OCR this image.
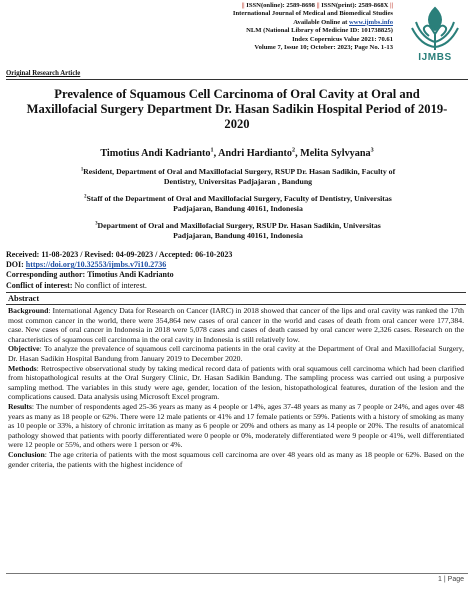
|| ISSN(online): 2589-8698 || ISSN(print): 2589-868X ||
International Journal of Medical and Biomedical Studies
Available Online at www.ijmbs.info
NLM (National Library of Medicine ID: 101738825)
Index Copernicus Value 2021: 70.61
Volume 7, Issue 10; October: 2023; Page No. 1-13
IJMBS
Original Research Article
Prevalence of Squamous Cell Carcinoma of Oral Cavity at Oral and Maxillofacial Surgery Department Dr. Hasan Sadikin Hospital Period of 2019-2020
Timotius Andi Kadrianto$^1$, Andri Hardianto$^2$, Melita Sylvyana$^3$
$^1$Resident, Department of Oral and Maxillofacial Surgery, RSUP Dr. Hasan Sadikin, Faculty of
Dentistry, Universitas Padjajaran , Bandung
$^2$Staff of the Department of Oral and Maxillofacial Surgery, Faculty of Dentistry, Universitas
Padjajaran, Bandung 40161, Indonesia
$^3$Department of Oral and Maxillofacial Surgery, RSUP Dr. Hasan Sadikin, Universitas
Padjajaran, Bandung 40161, Indonesia
Received: 11-08-2023 / Revised: 04-09-2023 / Accepted: 06-10-2023
DOI: https://doi.org/10.32553/ijmbs.v7i10.2736
Corresponding author: Timotius Andi Kadrianto
Conflict of interest: No conflict of interest.
Abstract

Background: International Agency Data for Research on Cancer (IARC) in 2018 showed that cancer of the lips and oral cavity was ranked the 17th most common cancer in the world, there were 354,864 new cases of oral cancer in the world and cases of death from oral cancer were 177,384. case. New cases of oral cancer in Indonesia in 2018 were 5,078 cases and cases of death caused by oral cancer were 2,326 cases. Research on the characteristics of squamous cell carcinoma in the oral cavity in Indonesia is still relatively low.

Objective: To analyze the prevalence of squamous cell carcinoma patients in the oral cavity at the Department of Oral and Maxillofacial Surgery, Dr. Hasan Sadikin Hospital Bandung from January 2019 to December 2020.

Methods: Retrospective observational study by taking medical record data of patients with oral squamous cell carcinoma which had been clarified from histopathological results at the Oral Surgery Clinic, Dr. Hasan Sadikin Bandung. The sampling process was carried out using a purposive sampling method. The variables in this study were age, gender, location of the lesion, histopathological features, duration of the lesion and the complications caused. Data analysis using Microsoft Excel program.

Results: The number of respondents aged 25-36 years as many as 4 people or 14%, ages 37-48 years as many as 7 people or 24%, and ages over 48 years as many as 18 people or 62%. There were 12 male patients or 41% and 17 female patients or 59%. Patients with a history of smoking as many as 10 people or 33%, a history of chronic irritation as many as 6 people or 20% and others as many as 14 people or 20%. The results of anatomical pathology showed that patients with poorly differentiated were 0 people or 0%, moderately differentiated were 9 people or 41%, well differentiated were 12 people or 55%, and others were 1 person or 4%.

Conclusion: The age criteria of patients with the most squamous cell carcinoma are over 48 years old as many as 18 people or 62%. Based on the gender criteria, the patients with the highest incidence of

1 | Page
